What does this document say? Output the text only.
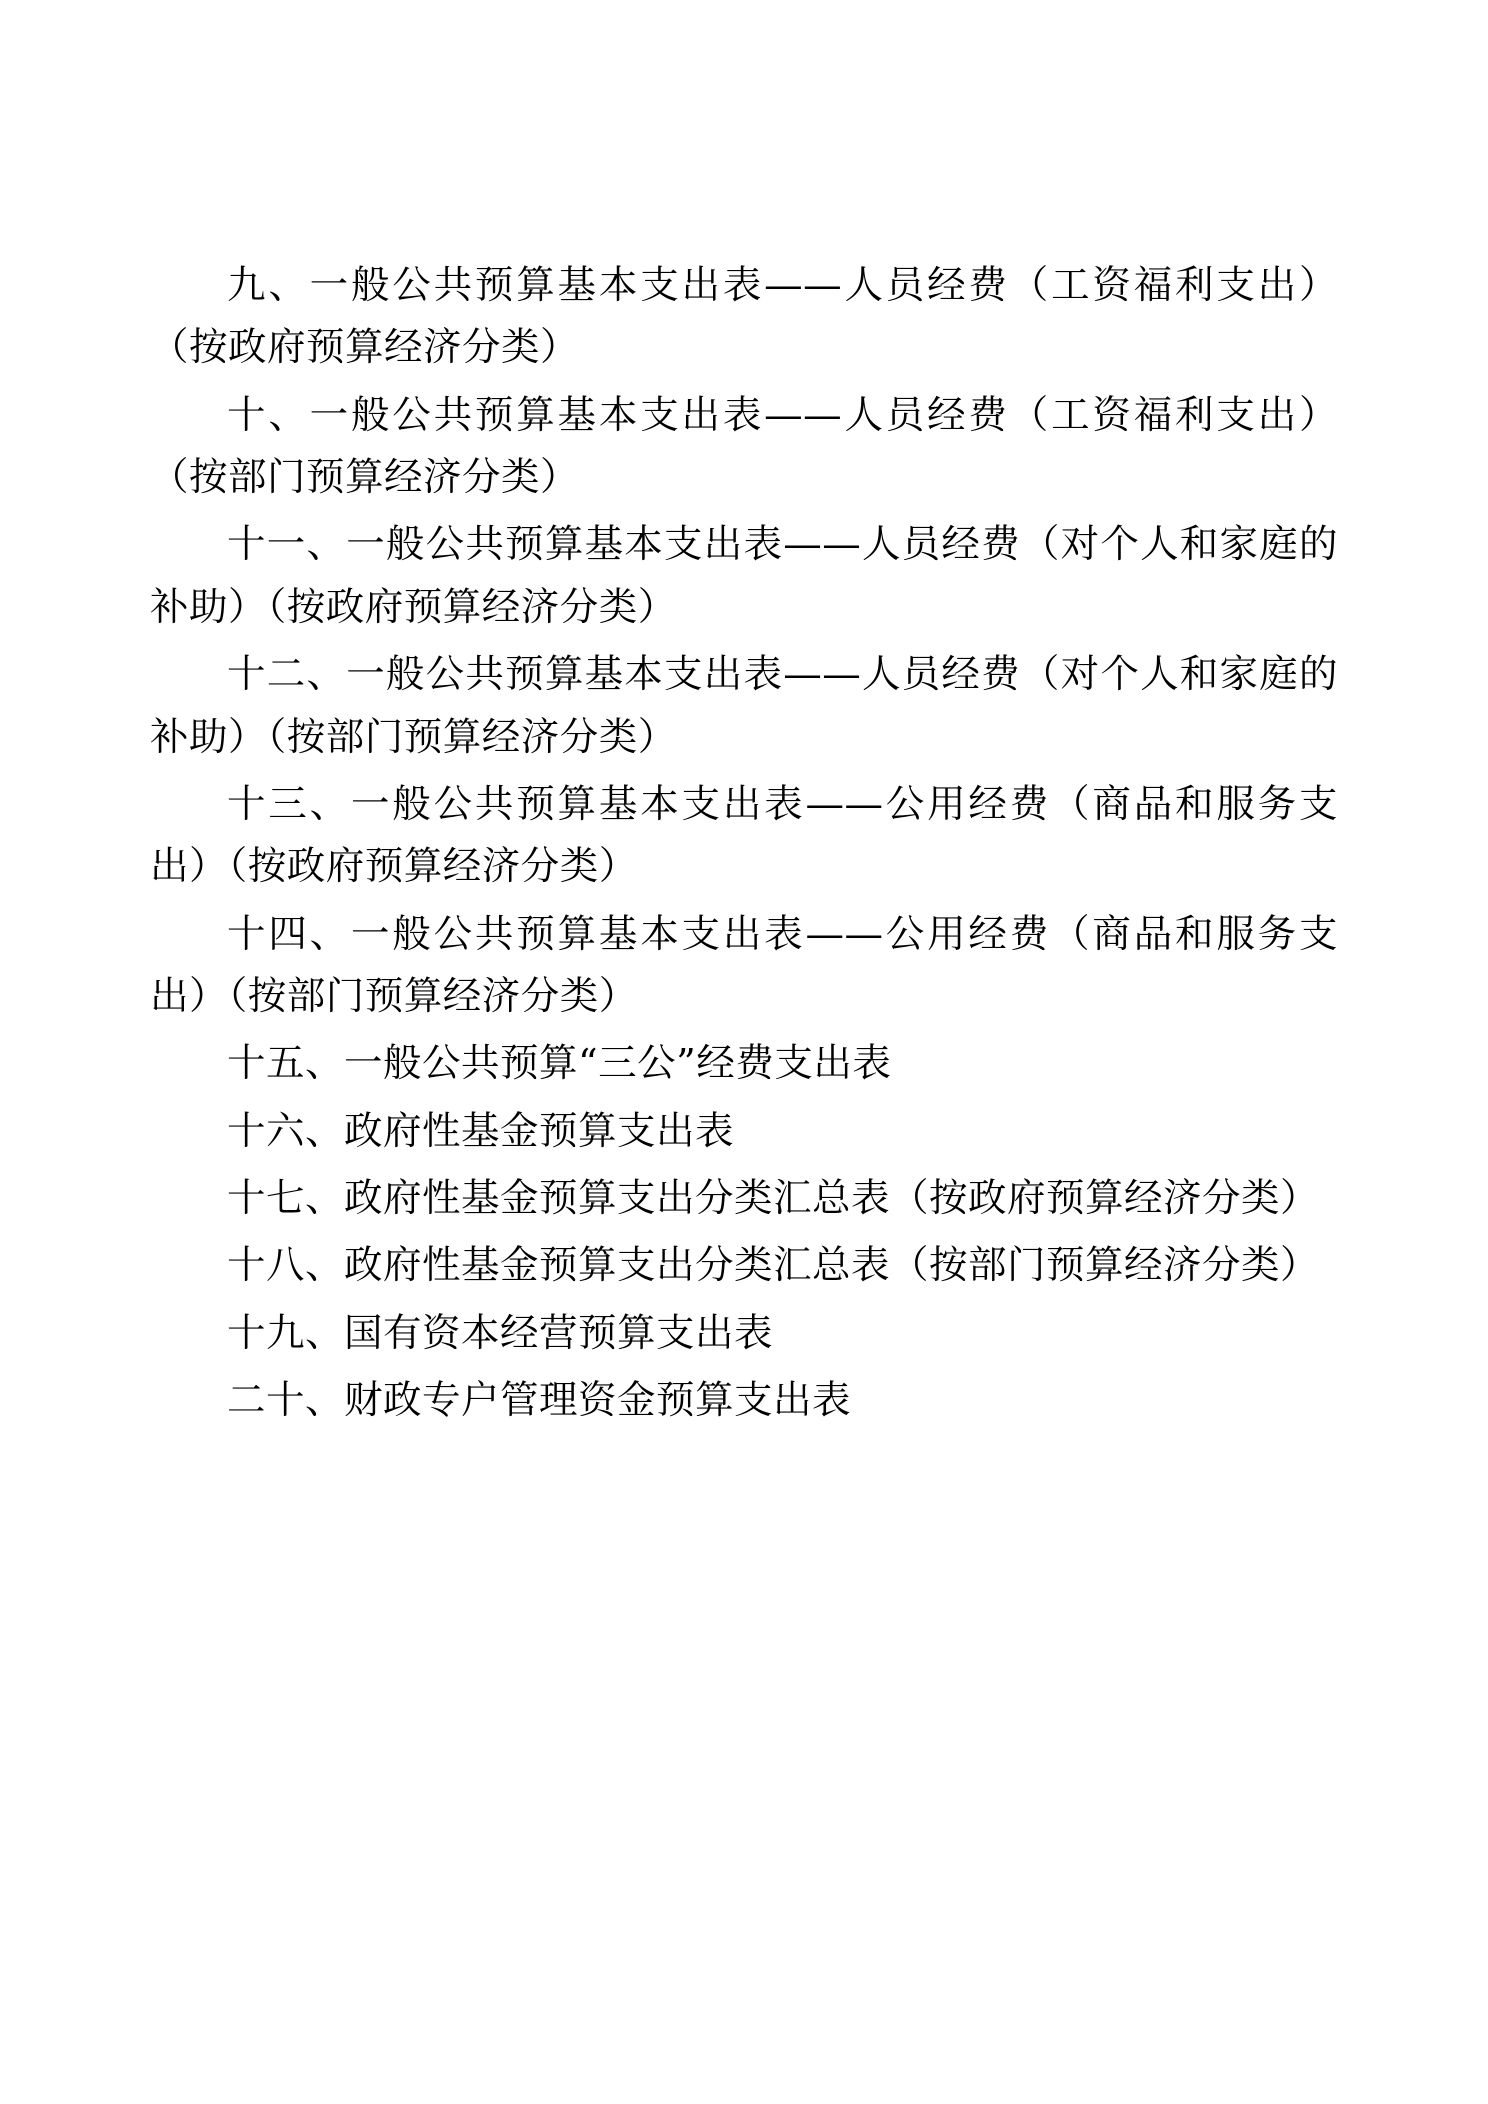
九、一般公共预算基本支出表——人员经费（工资福利支出）（按政府预算经济分类）

十、一般公共预算基本支出表——人员经费（工资福利支出）（按部门预算经济分类）

十一、一般公共预算基本支出表——人员经费（对个人和家庭的补助）（按政府预算经济分类）

十二、一般公共预算基本支出表——人员经费（对个人和家庭的补助）（按部门预算经济分类）

十三、一般公共预算基本支出表——公用经费（商品和服务支出）（按政府预算经济分类）

十四、一般公共预算基本支出表——公用经费（商品和服务支出）（按部门预算经济分类）

十五、一般公共预算“三公”经费支出表

十六、政府性基金预算支出表

十七、政府性基金预算支出分类汇总表（按政府预算经济分类）

十八、政府性基金预算支出分类汇总表（按部门预算经济分类）

十九、国有资本经营预算支出表

二十、财政专户管理资金预算支出表
